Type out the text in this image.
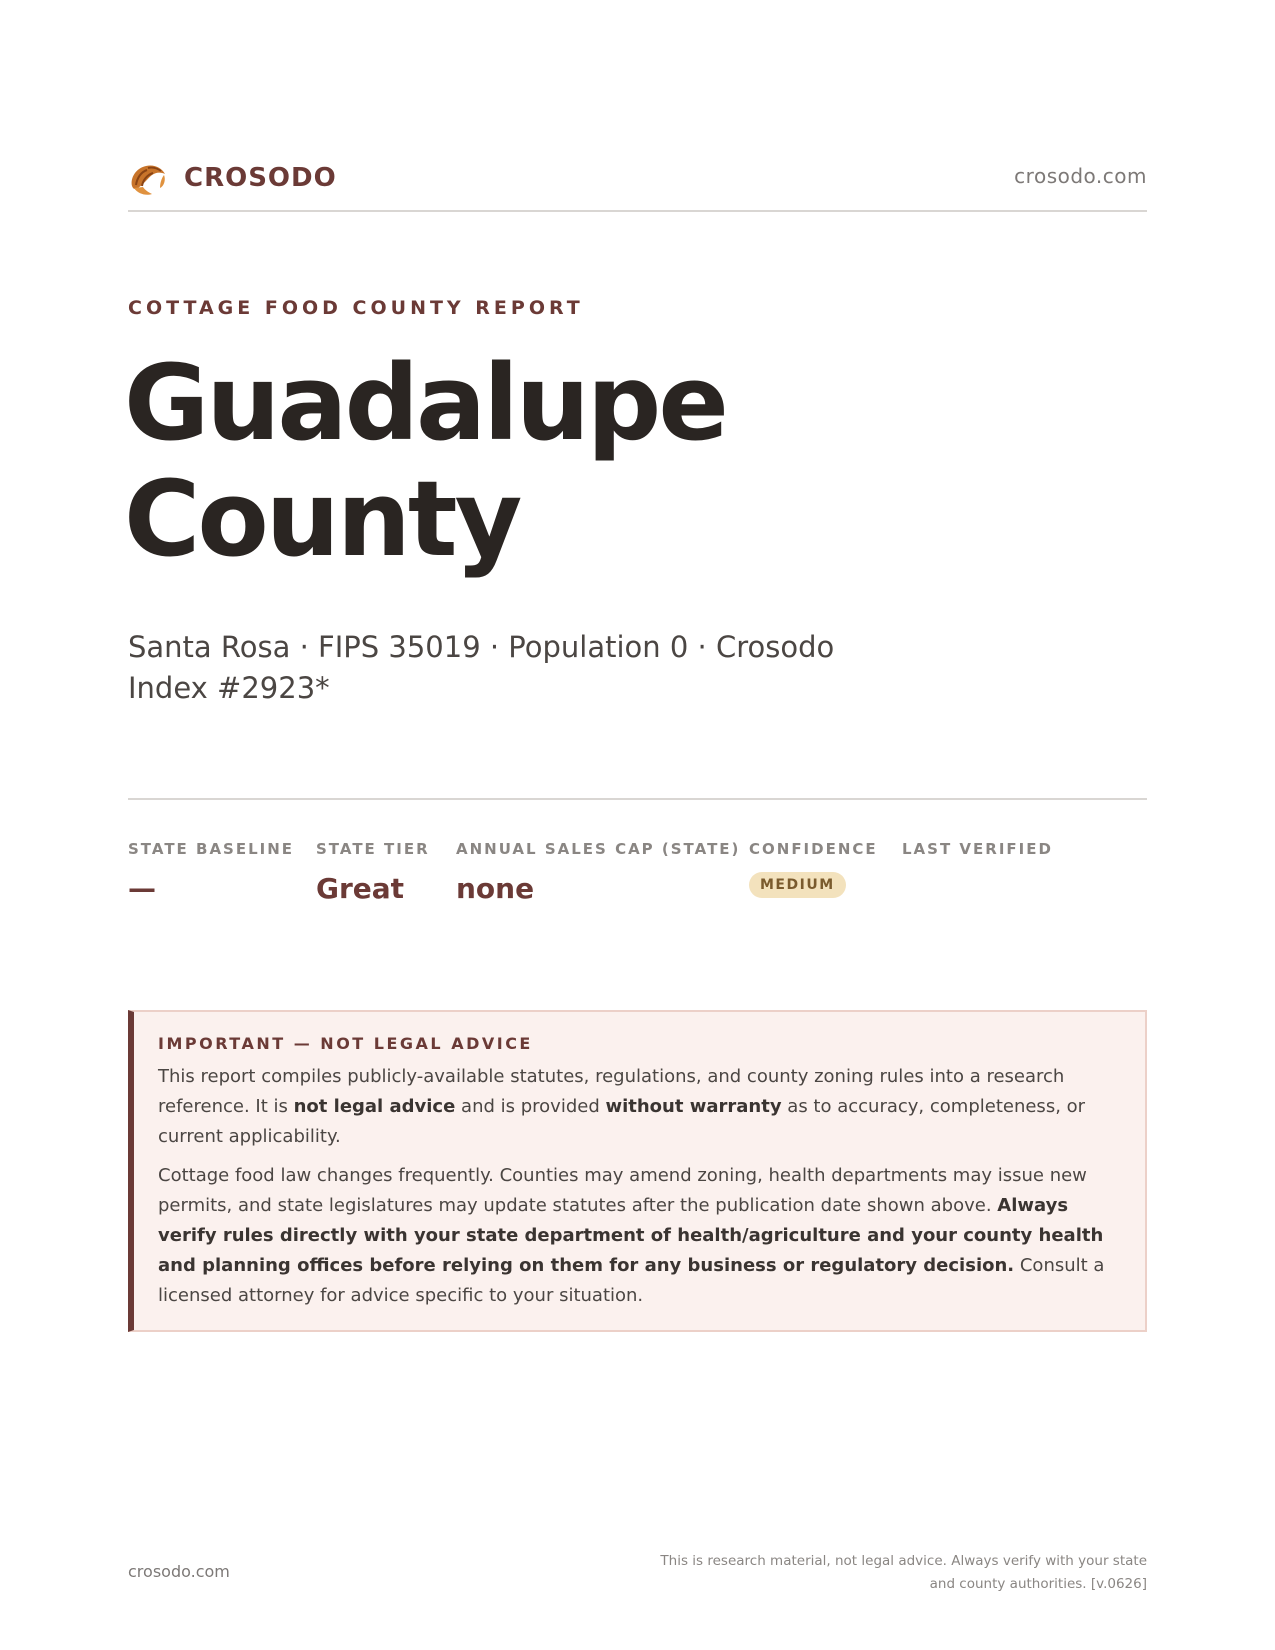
CROSODO	crosodo.com
COTTAGE FOOD COUNTY REPORT
Guadalupe
County
Santa Rosa · FIPS 35019 · Population 0 · Crosodo Index #2923*
STATE BASELINE
—
STATE TIER
Great
ANNUAL SALES CAP (STATE)
none
CONFIDENCE
MEDIUM
LAST VERIFIED
IMPORTANT — NOT LEGAL ADVICE

This report compiles publicly-available statutes, regulations, and county zoning rules into a research reference. It is not legal advice and is provided without warranty as to accuracy, completeness, or current applicability.

Cottage food law changes frequently. Counties may amend zoning, health departments may issue new permits, and state legislatures may update statutes after the publication date shown above. Always verify rules directly with your state department of health/agriculture and your county health and planning offices before relying on them for any business or regulatory decision. Consult a licensed attorney for advice specific to your situation.

crosodo.com
This is research material, not legal advice. Always verify with your state
and county authorities. [v.0626]
